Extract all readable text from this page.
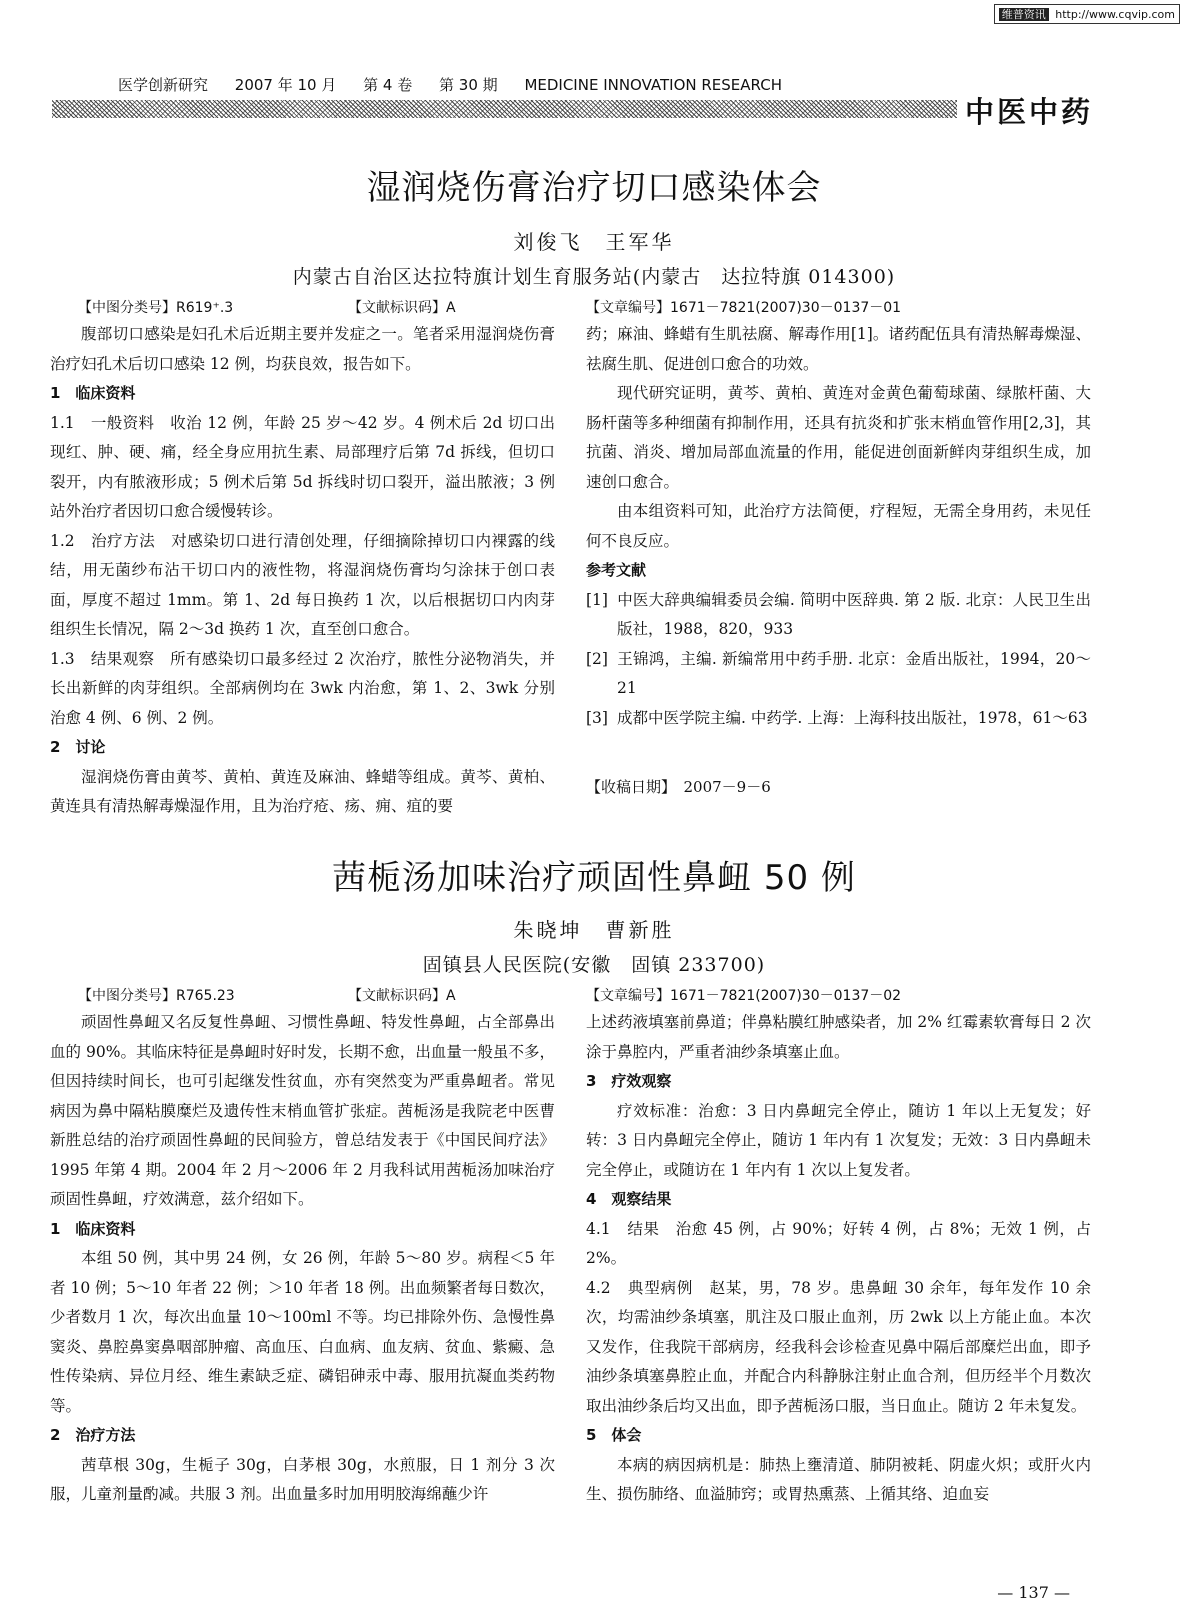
维普资讯 http://www.cqvip.com
医学创新研究 2007 年 10 月 第 4 卷 第 30 期 MEDICINE INNOVATION RESEARCH
中医中药
湿润烧伤膏治疗切口感染体会
刘俊飞　王军华
内蒙古自治区达拉特旗计划生育服务站(内蒙古　达拉特旗 014300)
【中图分类号】R619⁺.3	【文献标识码】A	【文章编号】1671－7821(2007)30－0137－01

腹部切口感染是妇孔术后近期主要并发症之一。笔者采用湿润烧伤膏治疗妇孔术后切口感染 12 例，均获良效，报告如下。

1　临床资料

1.1　一般资料　收治 12 例，年龄 25 岁～42 岁。4 例术后 2d 切口出现红、肿、硬、痛，经全身应用抗生素、局部理疗后第 7d 拆线，但切口裂开，内有脓液形成；5 例术后第 5d 拆线时切口裂开，溢出脓液；3 例站外治疗者因切口愈合缓慢转诊。

1.2　治疗方法　对感染切口进行清创处理，仔细摘除掉切口内裸露的线结，用无菌纱布沾干切口内的液性物，将湿润烧伤膏均匀涂抹于创口表面，厚度不超过 1mm。第 1、2d 每日换药 1 次，以后根据切口内肉芽组织生长情况，隔 2～3d 换药 1 次，直至创口愈合。

1.3　结果观察　所有感染切口最多经过 2 次治疗，脓性分泌物消失，并长出新鲜的肉芽组织。全部病例均在 3wk 内治愈，第 1、2、3wk 分别治愈 4 例、6 例、2 例。

2　讨论

湿润烧伤膏由黄芩、黄柏、黄连及麻油、蜂蜡等组成。黄芩、黄柏、黄连具有清热解毒燥湿作用，且为治疗疮、疡、痈、疽的要

药；麻油、蜂蜡有生肌祛腐、解毒作用[1]。诸药配伍具有清热解毒燥湿、祛腐生肌、促进创口愈合的功效。

现代研究证明，黄芩、黄柏、黄连对金黄色葡萄球菌、绿脓杆菌、大肠杆菌等多种细菌有抑制作用，还具有抗炎和扩张末梢血管作用[2,3]，其抗菌、消炎、增加局部血流量的作用，能促进创面新鲜肉芽组织生成，加速创口愈合。

由本组资料可知，此治疗方法简便，疗程短，无需全身用药，未见任何不良反应。

参考文献

[1] 中医大辞典编辑委员会编. 简明中医辞典. 第 2 版. 北京：人民卫生出版社，1988，820，933

[2] 王锦鸿，主编. 新编常用中药手册. 北京：金盾出版社，1994，20～21

[3] 成都中医学院主编. 中药学. 上海：上海科技出版社，1978，61～63

【收稿日期】　2007－9－6
茜栀汤加味治疗顽固性鼻衄 50 例
朱晓坤　曹新胜
固镇县人民医院(安徽　固镇 233700)
【中图分类号】R765.23	【文献标识码】A	【文章编号】1671－7821(2007)30－0137－02

顽固性鼻衄又名反复性鼻衄、习惯性鼻衄、特发性鼻衄，占全部鼻出血的 90%。其临床特征是鼻衄时好时发，长期不愈，出血量一般虽不多，但因持续时间长，也可引起继发性贫血，亦有突然变为严重鼻衄者。常见病因为鼻中隔粘膜糜烂及遗传性末梢血管扩张症。茜栀汤是我院老中医曹新胜总结的治疗顽固性鼻衄的民间验方，曾总结发表于《中国民间疗法》1995 年第 4 期。2004 年 2 月～2006 年 2 月我科试用茜栀汤加味治疗顽固性鼻衄，疗效满意，兹介绍如下。

1　临床资料

本组 50 例，其中男 24 例，女 26 例，年龄 5～80 岁。病程＜5 年者 10 例；5～10 年者 22 例；＞10 年者 18 例。出血频繁者每日数次，少者数月 1 次，每次出血量 10～100ml 不等。均已排除外伤、急慢性鼻窦炎、鼻腔鼻窦鼻咽部肿瘤、高血压、白血病、血友病、贫血、紫癜、急性传染病、异位月经、维生素缺乏症、磷铝砷汞中毒、服用抗凝血类药物等。

2　治疗方法

茜草根 30g，生栀子 30g，白茅根 30g，水煎服，日 1 剂分 3 次服，儿童剂量酌减。共服 3 剂。出血量多时加用明胶海绵蘸少许

上述药液填塞前鼻道；伴鼻粘膜红肿感染者，加 2% 红霉素软膏每日 2 次涂于鼻腔内，严重者油纱条填塞止血。

3　疗效观察

疗效标准：治愈：3 日内鼻衄完全停止，随访 1 年以上无复发；好转：3 日内鼻衄完全停止，随访 1 年内有 1 次复发；无效：3 日内鼻衄未完全停止，或随访在 1 年内有 1 次以上复发者。

4　观察结果

4.1　结果　治愈 45 例，占 90%；好转 4 例，占 8%；无效 1 例，占 2%。

4.2　典型病例　赵某，男，78 岁。患鼻衄 30 余年，每年发作 10 余次，均需油纱条填塞，肌注及口服止血剂，历 2wk 以上方能止血。本次又发作，住我院干部病房，经我科会诊检查见鼻中隔后部糜烂出血，即予油纱条填塞鼻腔止血，并配合内科静脉注射止血合剂，但历经半个月数次取出油纱条后均又出血，即予茜栀汤口服，当日血止。随访 2 年未复发。

5　体会

本病的病因病机是：肺热上壅清道、肺阴被耗、阴虚火炽；或肝火内生、损伤肺络、血溢肺窍；或胃热熏蒸、上循其络、迫血妄

— 137 —
